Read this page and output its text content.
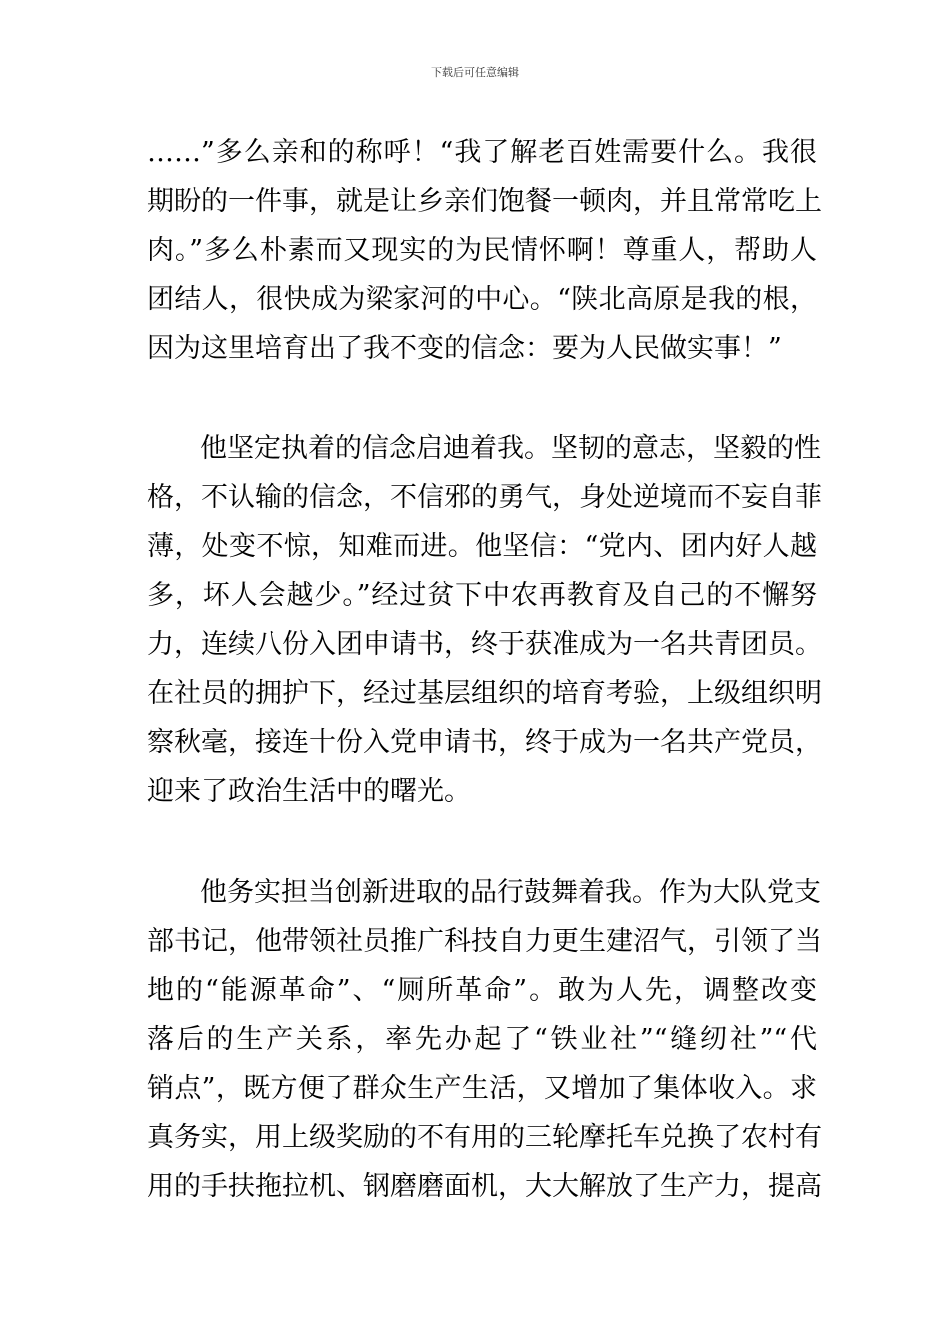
下载后可任意编辑
……”多么亲和的称呼！“我了解老百姓需要什么。我很
期盼的一件事，就是让乡亲们饱餐一顿肉，并且常常吃上
肉。”多么朴素而又现实的为民情怀啊！尊重人，帮助人
团结人，很快成为梁家河的中心。“陕北高原是我的根，
因为这里培育出了我不变的信念：要为人民做实事！”
他坚定执着的信念启迪着我。坚韧的意志，坚毅的性
格，不认输的信念，不信邪的勇气，身处逆境而不妄自菲
薄，处变不惊，知难而进。他坚信：“党内、团内好人越
多，坏人会越少。”经过贫下中农再教育及自己的不懈努
力，连续八份入团申请书，终于获准成为一名共青团员。
在社员的拥护下，经过基层组织的培育考验，上级组织明
察秋毫，接连十份入党申请书，终于成为一名共产党员，
迎来了政治生活中的曙光。
他务实担当创新进取的品行鼓舞着我。作为大队党支
部书记，他带领社员推广科技自力更生建沼气，引领了当
地的“能源革命”、“厕所革命”。敢为人先，调整改变
落后的生产关系，率先办起了“铁业社”“缝纫社”“代
销点”，既方便了群众生产生活，又增加了集体收入。求
真务实，用上级奖励的不有用的三轮摩托车兑换了农村有
用的手扶拖拉机、钢磨磨面机，大大解放了生产力，提高
